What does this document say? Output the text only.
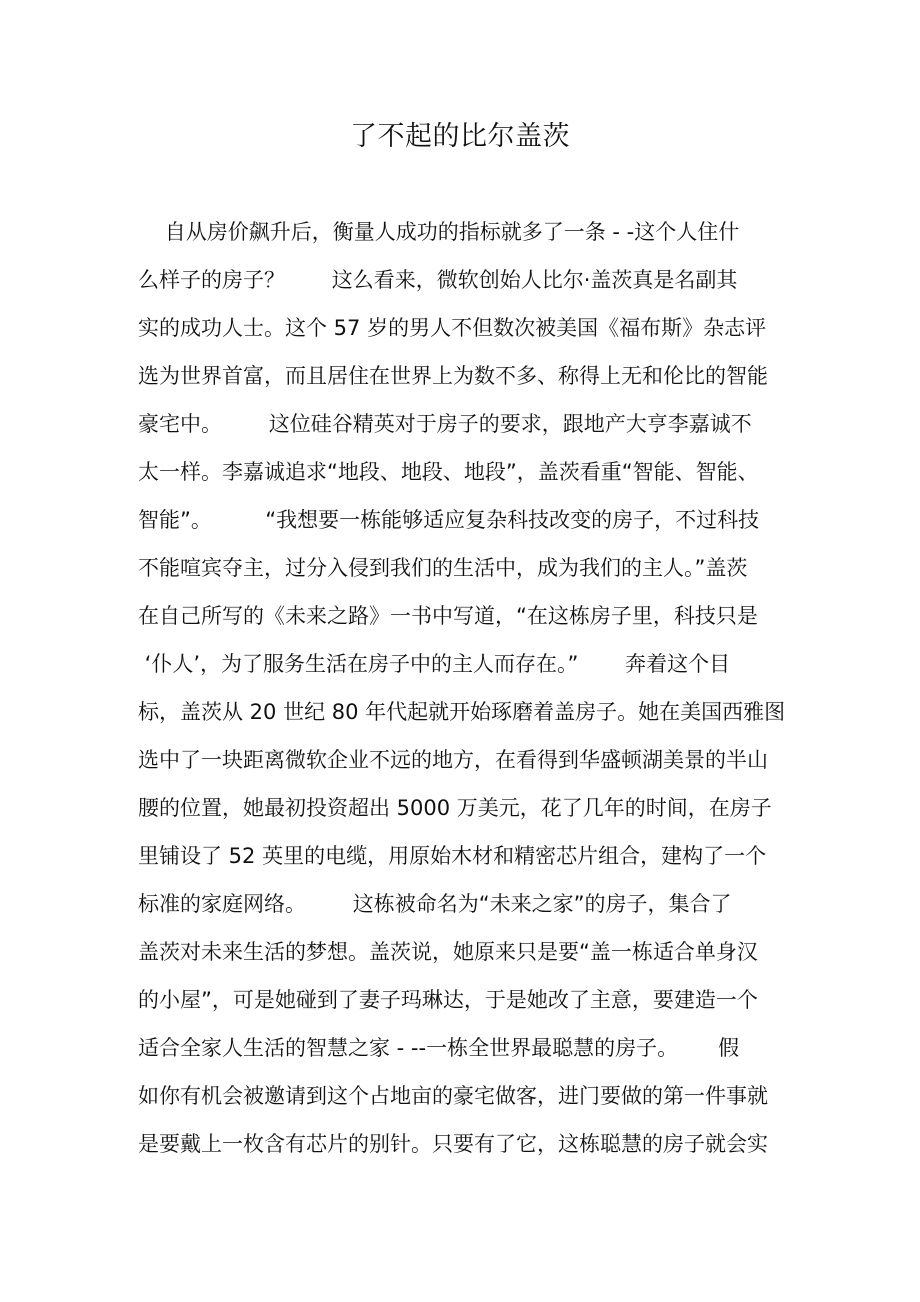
了不起的比尔盖茨

自从房价飙升后，衡量人成功的指标就多了一条 - -这个人住什

么样子的房子？       这么看来，微软创始人比尔·盖茨真是名副其

实的成功人士。这个 57 岁的男人不但数次被美国《福布斯》杂志评

选为世界首富，而且居住在世界上为数不多、称得上无和伦比的智能

豪宅中。       这位硅谷精英对于房子的要求，跟地产大亨李嘉诚不

太一样。李嘉诚追求“地段、地段、地段”，盖茨看重“智能、智能、

智能”。        “我想要一栋能够适应复杂科技改变的房子，不过科技

不能喧宾夺主，过分入侵到我们的生活中，成为我们的主人。”盖茨

在自己所写的《未来之路》一书中写道，“在这栋房子里，科技只是

‘仆人’，为了服务生活在房子中的主人而存在。”       奔着这个目

标，盖茨从 20 世纪 80 年代起就开始琢磨着盖房子。她在美国西雅图

选中了一块距离微软企业不远的地方，在看得到华盛顿湖美景的半山

腰的位置，她最初投资超出 5000 万美元，花了几年的时间，在房子

里铺设了 52 英里的电缆，用原始木材和精密芯片组合，建构了一个

标准的家庭网络。       这栋被命名为“未来之家”的房子，集合了

盖茨对未来生活的梦想。盖茨说，她原来只是要“盖一栋适合单身汉

的小屋”，可是她碰到了妻子玛琳达，于是她改了主意，要建造一个

适合全家人生活的智慧之家 - --一栋全世界最聪慧的房子。      假

如你有机会被邀请到这个占地亩的豪宅做客，进门要做的第一件事就

是要戴上一枚含有芯片的别针。只要有了它，这栋聪慧的房子就会实
